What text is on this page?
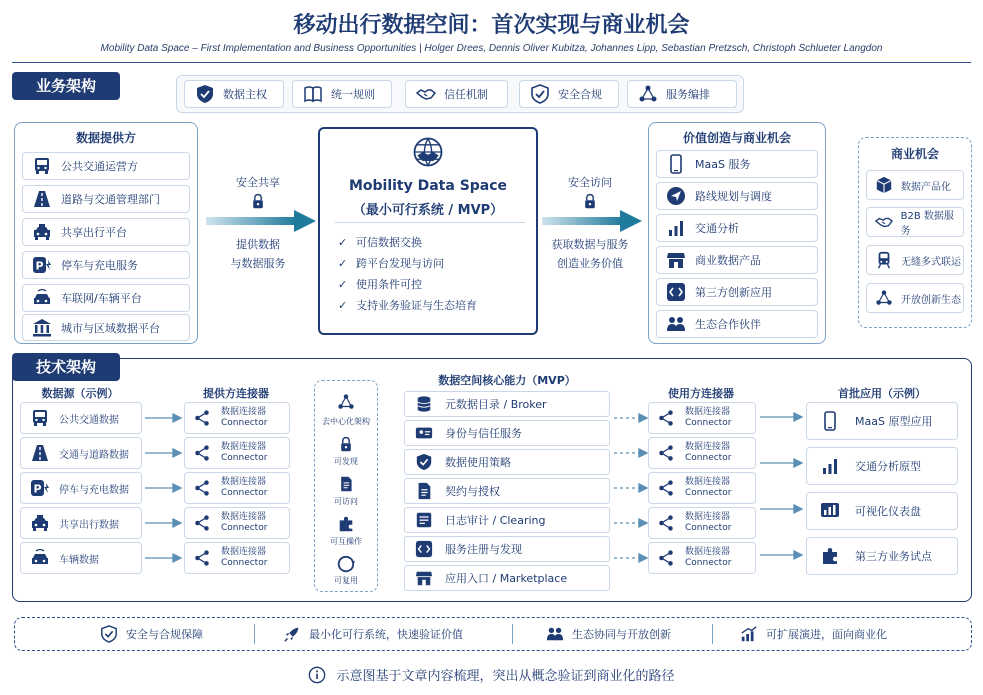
移动出行数据空间：首次实现与商业机会
Mobility Data Space – First Implementation and Business Opportunities | Holger Drees, Dennis Oliver Kubitza, Johannes Lipp, Sebastian Pretzsch, Christoph Schlueter Langdon
业务架构	数据主权	统一规则	信任机制	安全合规	服务编排
数据提供方
公共交通运营方
道路与交通管理部门
共享出行平台
停车与充电服务
车联网/车辆平台
城市与区域数据平台
安全共享
提供数据
与数据服务
Mobility Data Space
（最小可行系统 / MVP）
✓ 可信数据交换
✓ 跨平台发现与访问
✓ 使用条件可控
✓ 支持业务验证与生态培育
安全访问
获取数据与服务
创造业务价值
价值创造与商业机会
MaaS 服务
路线规划与调度
交通分析
商业数据产品
第三方创新应用
生态合作伙伴
商业机会
数据产品化
B2B 数据服务
无缝多式联运
开放创新生态
技术架构
数据源（示例）
公共交通数据
交通与道路数据
停车与充电数据
共享出行数据
车辆数据
提供方连接器
数据连接器
Connector
数据连接器
Connector
数据连接器
Connector
数据连接器
Connector
数据连接器
Connector
去中心化架构
可发现
可访问
可互操作
可复用
数据空间核心能力（MVP）
元数据目录 / Broker
身份与信任服务
数据使用策略
契约与授权
日志审计 / Clearing
服务注册与发现
应用入口 / Marketplace
使用方连接器
数据连接器
Connector
数据连接器
Connector
数据连接器
Connector
数据连接器
Connector
数据连接器
Connector
首批应用（示例）
MaaS 原型应用
交通分析原型
可视化仪表盘
第三方业务试点
安全与合规保障	最小化可行系统，快速验证价值	生态协同与开放创新	可扩展演进，面向商业化
示意图基于文章内容梳理，突出从概念验证到商业化的路径
